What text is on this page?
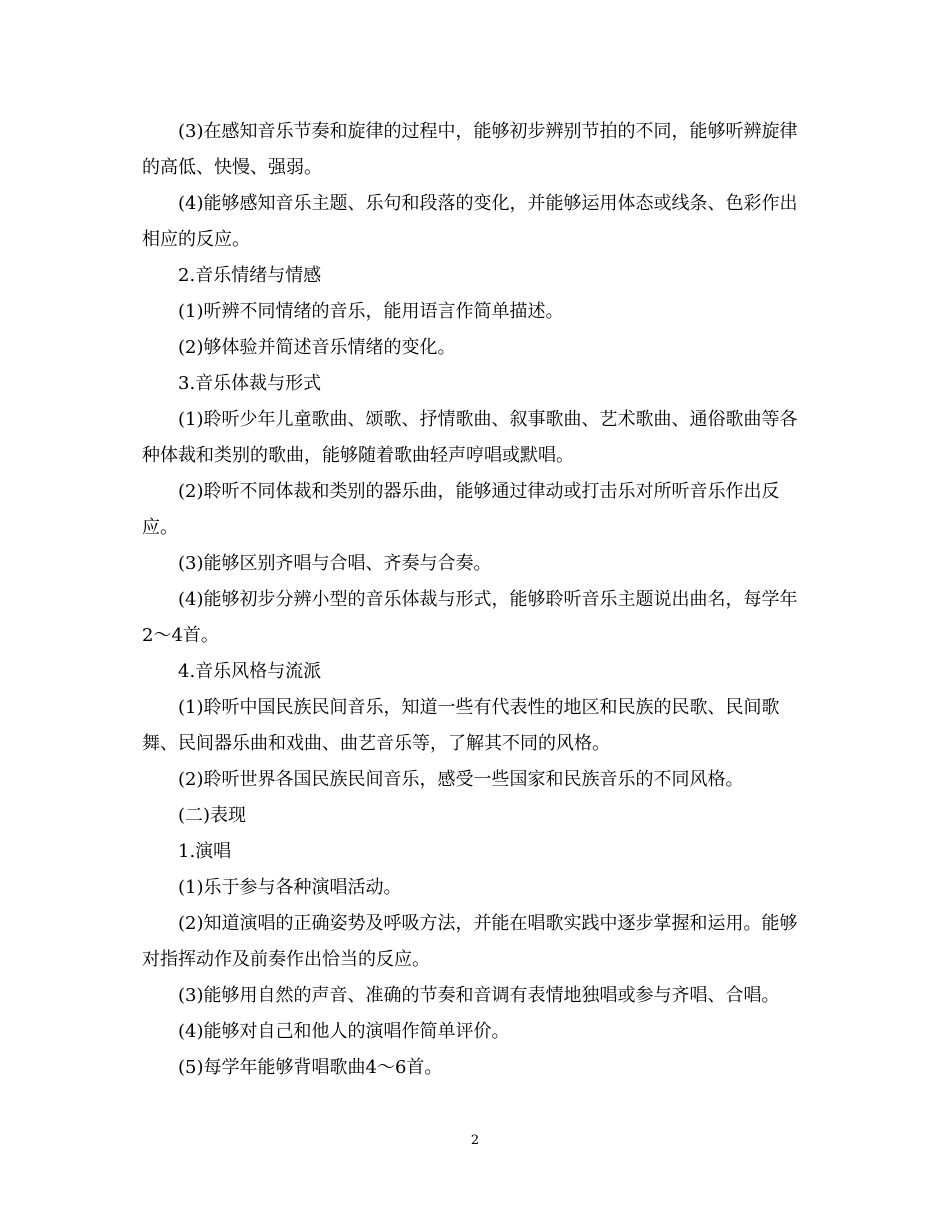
(3)在感知音乐节奏和旋律的过程中，能够初步辨别节拍的不同，能够听辨旋律的高低、快慢、强弱。

(4)能够感知音乐主题、乐句和段落的变化，并能够运用体态或线条、色彩作出相应的反应。

2.音乐情绪与情感

(1)听辨不同情绪的音乐，能用语言作简单描述。

(2)够体验并简述音乐情绪的变化。

3.音乐体裁与形式

(1)聆听少年儿童歌曲、颂歌、抒情歌曲、叙事歌曲、艺术歌曲、通俗歌曲等各种体裁和类别的歌曲，能够随着歌曲轻声哼唱或默唱。

(2)聆听不同体裁和类别的器乐曲，能够通过律动或打击乐对所听音乐作出反应。

(3)能够区别齐唱与合唱、齐奏与合奏。

(4)能够初步分辨小型的音乐体裁与形式，能够聆听音乐主题说出曲名，每学年2～4首。

4.音乐风格与流派

(1)聆听中国民族民间音乐，知道一些有代表性的地区和民族的民歌、民间歌舞、民间器乐曲和戏曲、曲艺音乐等，了解其不同的风格。

(2)聆听世界各国民族民间音乐，感受一些国家和民族音乐的不同风格。

(二)表现

1.演唱

(1)乐于参与各种演唱活动。

(2)知道演唱的正确姿势及呼吸方法，并能在唱歌实践中逐步掌握和运用。能够对指挥动作及前奏作出恰当的反应。

(3)能够用自然的声音、准确的节奏和音调有表情地独唱或参与齐唱、合唱。

(4)能够对自己和他人的演唱作简单评价。

(5)每学年能够背唱歌曲4～6首。

2
